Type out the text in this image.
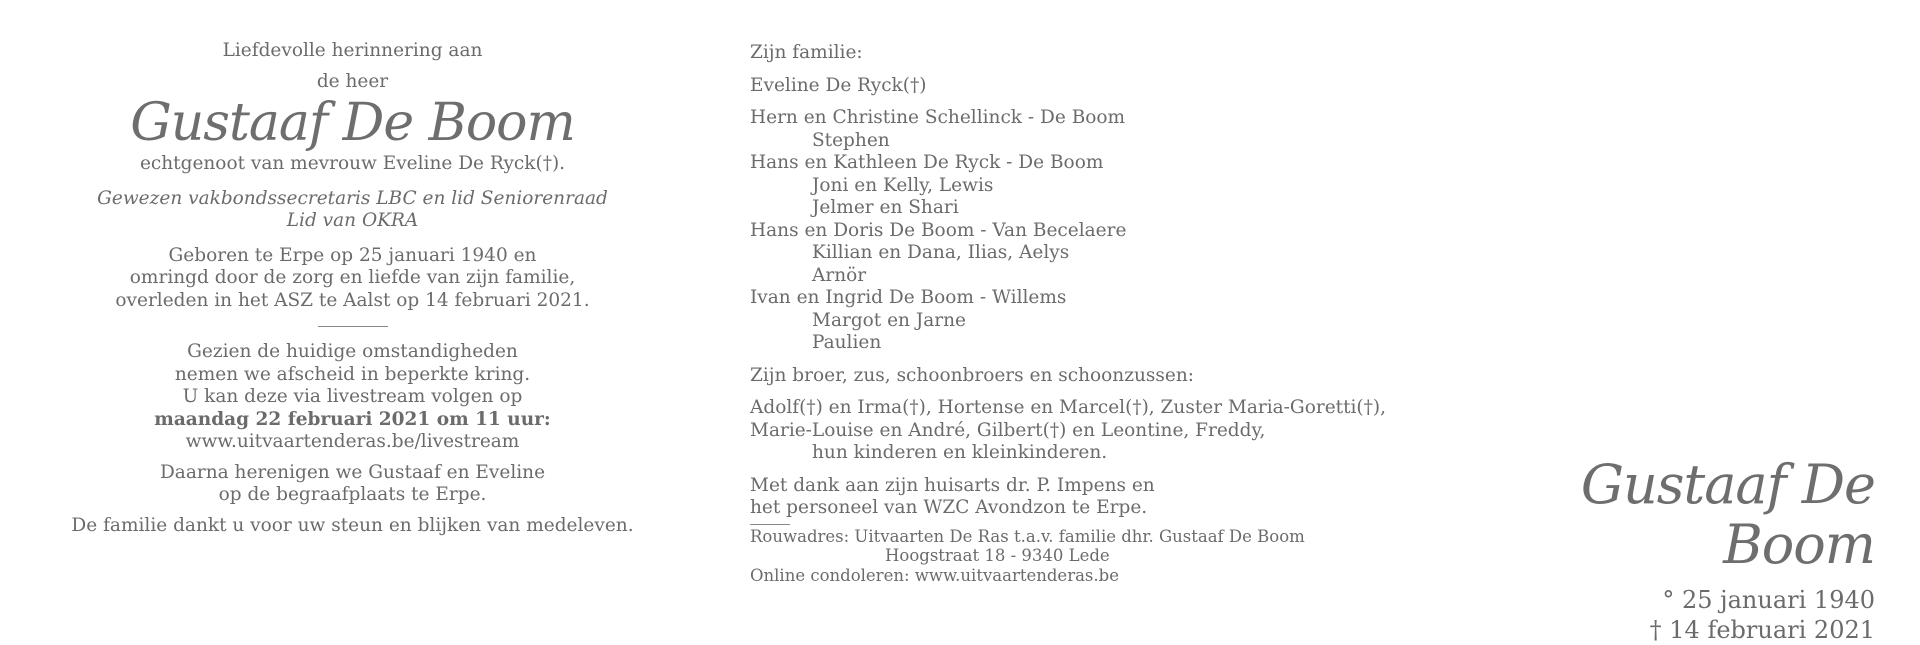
Liefdevolle herinnering aan

de heer

Gustaaf De Boom

echtgenoot van mevrouw Eveline De Ryck(†).

Gewezen vakbondssecretaris LBC en lid Seniorenraad

Lid van OKRA

Geboren te Erpe op 25 januari 1940 en

omringd door de zorg en liefde van zijn familie,

overleden in het ASZ te Aalst op 14 februari 2021.

Gezien de huidige omstandigheden

nemen we afscheid in beperkte kring.

U kan deze via livestream volgen op

maandag 22 februari 2021 om 11 uur:

www.uitvaartenderas.be/livestream

Daarna herenigen we Gustaaf en Eveline

op de begraafplaats te Erpe.

De familie dankt u voor uw steun en blijken van medeleven.

Zijn familie:

Eveline De Ryck(†)

Hern en Christine Schellinck - De Boom

Stephen

Hans en Kathleen De Ryck - De Boom

Joni en Kelly, Lewis

Jelmer en Shari

Hans en Doris De Boom - Van Becelaere

Killian en Dana, Ilias, Aelys

Arnör

Ivan en Ingrid De Boom - Willems

Margot en Jarne

Paulien

Zijn broer, zus, schoonbroers en schoonzussen:

Adolf(†) en Irma(†), Hortense en Marcel(†), Zuster Maria-Goretti(†),

Marie-Louise en André, Gilbert(†) en Leontine, Freddy,

hun kinderen en kleinkinderen.

Met dank aan zijn huisarts dr. P. Impens en

het personeel van WZC Avondzon te Erpe.

Rouwadres: Uitvaarten De Ras t.a.v. familie dhr. Gustaaf De Boom

Hoogstraat 18 - 9340 Lede

Online condoleren: www.uitvaartenderas.be

Gustaaf De Boom

° 25 januari 1940
† 14 februari 2021
